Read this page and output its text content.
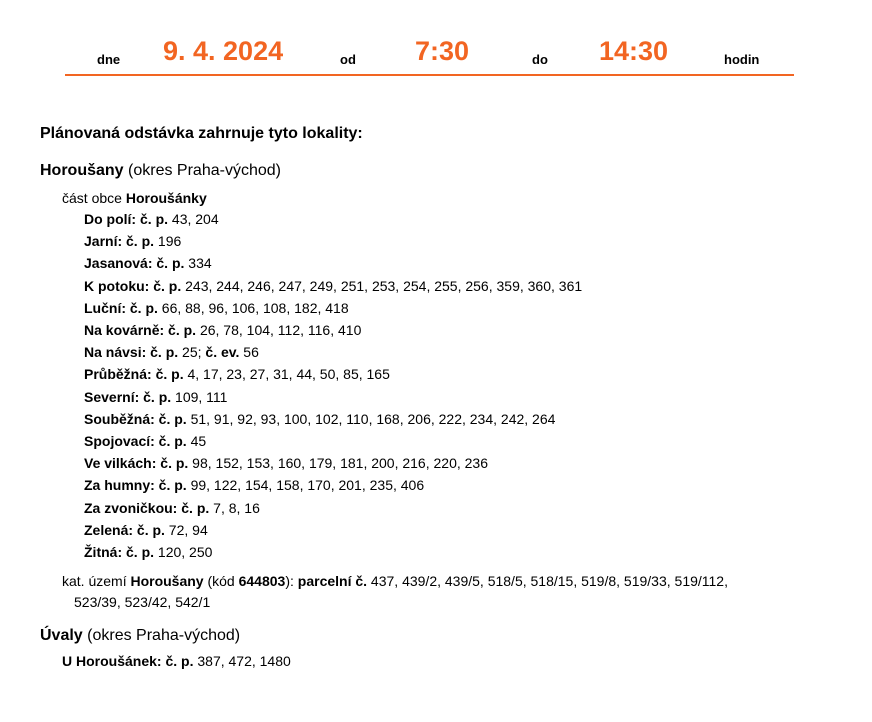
dne 9. 4. 2024	od 7:30	do 14:30	hodin
Plánovaná odstávka zahrnuje tyto lokality:
Horoušany (okres Praha-východ)
část obce Horoušánky
Do polí: č. p. 43, 204
Jarní: č. p. 196
Jasanová: č. p. 334
K potoku: č. p. 243, 244, 246, 247, 249, 251, 253, 254, 255, 256, 359, 360, 361
Luční: č. p. 66, 88, 96, 106, 108, 182, 418
Na kovárně: č. p. 26, 78, 104, 112, 116, 410
Na návsi: č. p. 25; č. ev. 56
Průběžná: č. p. 4, 17, 23, 27, 31, 44, 50, 85, 165
Severní: č. p. 109, 111
Souběžná: č. p. 51, 91, 92, 93, 100, 102, 110, 168, 206, 222, 234, 242, 264
Spojovací: č. p. 45
Ve vilkách: č. p. 98, 152, 153, 160, 179, 181, 200, 216, 220, 236
Za humny: č. p. 99, 122, 154, 158, 170, 201, 235, 406
Za zvoničkou: č. p. 7, 8, 16
Zelená: č. p. 72, 94
Žitná: č. p. 120, 250
kat. území Horoušany (kód 644803): parcelní č. 437, 439/2, 439/5, 518/5, 518/15, 519/8, 519/33, 519/112,
523/39, 523/42, 542/1
Úvaly (okres Praha-východ)
U Horoušánek: č. p. 387, 472, 1480
